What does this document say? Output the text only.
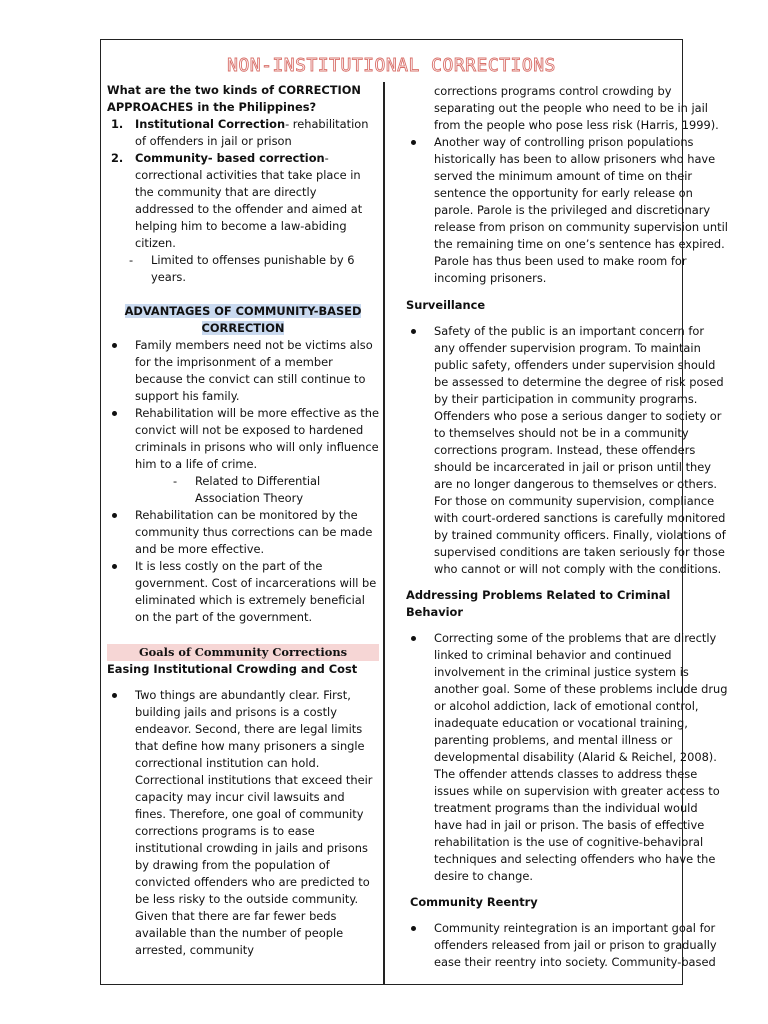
NON-INSTITUTIONAL CORRECTIONS

What are the two kinds of CORRECTION APPROACHES in the Philippines?

1. Institutional Correction- rehabilitation of offenders in jail or prison
2. Community- based correction- correctional activities that take place in the community that are directly addressed to the offender and aimed at helping him to become a law-abiding citizen.
- Limited to offenses punishable by 6 years.

ADVANTAGES OF COMMUNITY-BASED
CORRECTION

Family members need not be victims also for the imprisonment of a member because the convict can still continue to support his family.
Rehabilitation will be more effective as the convict will not be exposed to hardened criminals in prisons who will only influence him to a life of crime.
- Related to Differential Association Theory
Rehabilitation can be monitored by the community thus corrections can be made and be more effective.
It is less costly on the part of the government. Cost of incarcerations will be eliminated which is extremely beneficial on the part of the government.

Goals of Community Corrections

Easing Institutional Crowding and Cost

Two things are abundantly clear. First, building jails and prisons is a costly endeavor. Second, there are legal limits that define how many prisoners a single correctional institution can hold. Correctional institutions that exceed their capacity may incur civil lawsuits and fines. Therefore, one goal of community corrections programs is to ease institutional crowding in jails and prisons by drawing from the population of convicted offenders who are predicted to be less risky to the outside community. Given that there are far fewer beds available than the number of people arrested, community

corrections programs control crowding by separating out the people who need to be in jail from the people who pose less risk (Harris, 1999).

Another way of controlling prison populations historically has been to allow prisoners who have served the minimum amount of time on their sentence the opportunity for early release on parole. Parole is the privileged and discretionary release from prison on community supervision until the remaining time on one’s sentence has expired. Parole has thus been used to make room for incoming prisoners.

Surveillance

Safety of the public is an important concern for any offender supervision program. To maintain public safety, offenders under supervision should be assessed to determine the degree of risk posed by their participation in community programs. Offenders who pose a serious danger to society or to themselves should not be in a community corrections program. Instead, these offenders should be incarcerated in jail or prison until they are no longer dangerous to themselves or others. For those on community supervision, compliance with court-ordered sanctions is carefully monitored by trained community officers. Finally, violations of supervised conditions are taken seriously for those who cannot or will not comply with the conditions.

Addressing Problems Related to Criminal Behavior

Correcting some of the problems that are directly linked to criminal behavior and continued involvement in the criminal justice system is another goal. Some of these problems include drug or alcohol addiction, lack of emotional control, inadequate education or vocational training, parenting problems, and mental illness or developmental disability (Alarid & Reichel, 2008). The offender attends classes to address these issues while on supervision with greater access to treatment programs than the individual would have had in jail or prison. The basis of effective rehabilitation is the use of cognitive-behavioral techniques and selecting offenders who have the desire to change.

Community Reentry

Community reintegration is an important goal for offenders released from jail or prison to gradually ease their reentry into society. Community-based
